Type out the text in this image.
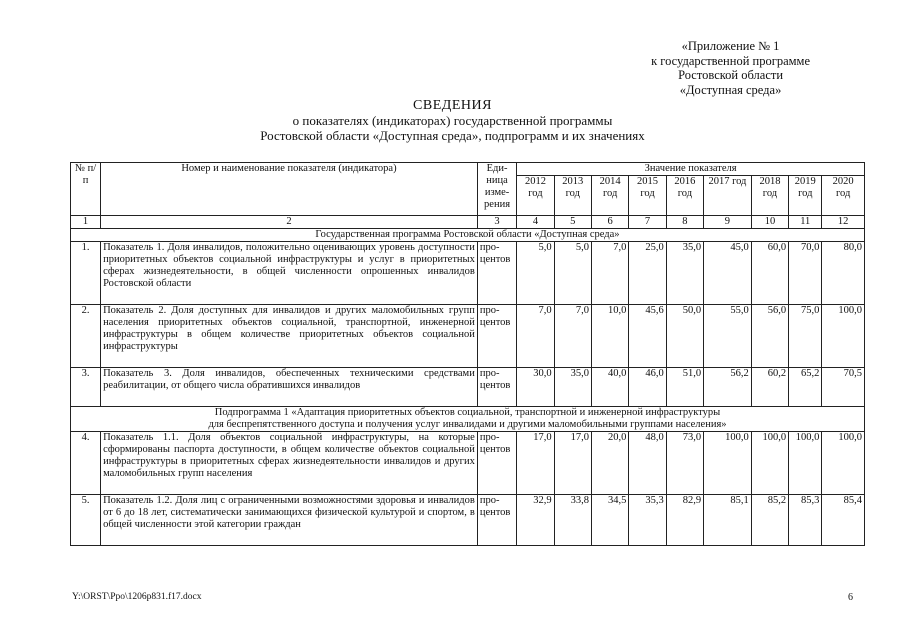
«Приложение № 1
к государственной программе
Ростовской области
«Доступная среда»
СВЕДЕНИЯ
о показателях (индикаторах) государственной программы
Ростовской области «Доступная среда», подпрограмм и их значениях
№ п/п	Номер и наименование показателя (индикатора)	Еди-ница изме-рения	Значение показателя								
			2012 год	2013 год	2014 год	2015 год	2016 год	2017 год	2018 год	2019 год	2020 год
1	2	3	4	5	6	7	8	9	10	11	12

Государственная программа Ростовской области «Доступная среда»											

1.	Показатель 1. Доля инвалидов, положительно оценивающих уровень доступности приоритетных объектов социальной инфраструктуры и услуг в приоритетных сферах жизнедеятельности, в общей численности опрошенных инвалидов Ростовской области	про-центов	5,0	5,0	7,0	25,0	35,0	45,0	60,0	70,0	80,0
2.	Показатель 2. Доля доступных для инвалидов и других маломобильных групп населения приоритетных объектов социальной, транспортной, инженерной инфраструктуры в общем количестве приоритетных объектов социальной инфраструктуры	про-центов	7,0	7,0	10,0	45,6	50,0	55,0	56,0	75,0	100,0
3.	Показатель 3. Доля инвалидов, обеспеченных техническими средствами реабилитации, от общего числа обратившихся инвалидов	про-центов	30,0	35,0	40,0	46,0	51,0	56,2	60,2	65,2	70,5

Подпрограмма 1 «Адаптация приоритетных объектов социальной, транспортной и инженерной инфраструктуры
для беспрепятственного доступа и получения услуг инвалидами и другими маломобильными группами населения»											

4.	Показатель 1.1. Доля объектов социальной инфраструктуры, на которые сформированы паспорта доступности, в общем количестве объектов социальной инфраструктуры в приоритетных сферах жизнедеятельности инвалидов и других маломобильных групп населения	про-центов	17,0	17,0	20,0	48,0	73,0	100,0	100,0	100,0	100,0
5.	Показатель 1.2. Доля лиц с ограниченными возможностями здоровья и инвалидов от 6 до 18 лет, систематически занимающихся физической культурой и спортом, в общей численности этой категории граждан	про-центов	32,9	33,8	34,5	35,3	82,9	85,1	85,2	85,3	85,4
Y:\ORST\Ppo\1206p831.f17.docx	6
